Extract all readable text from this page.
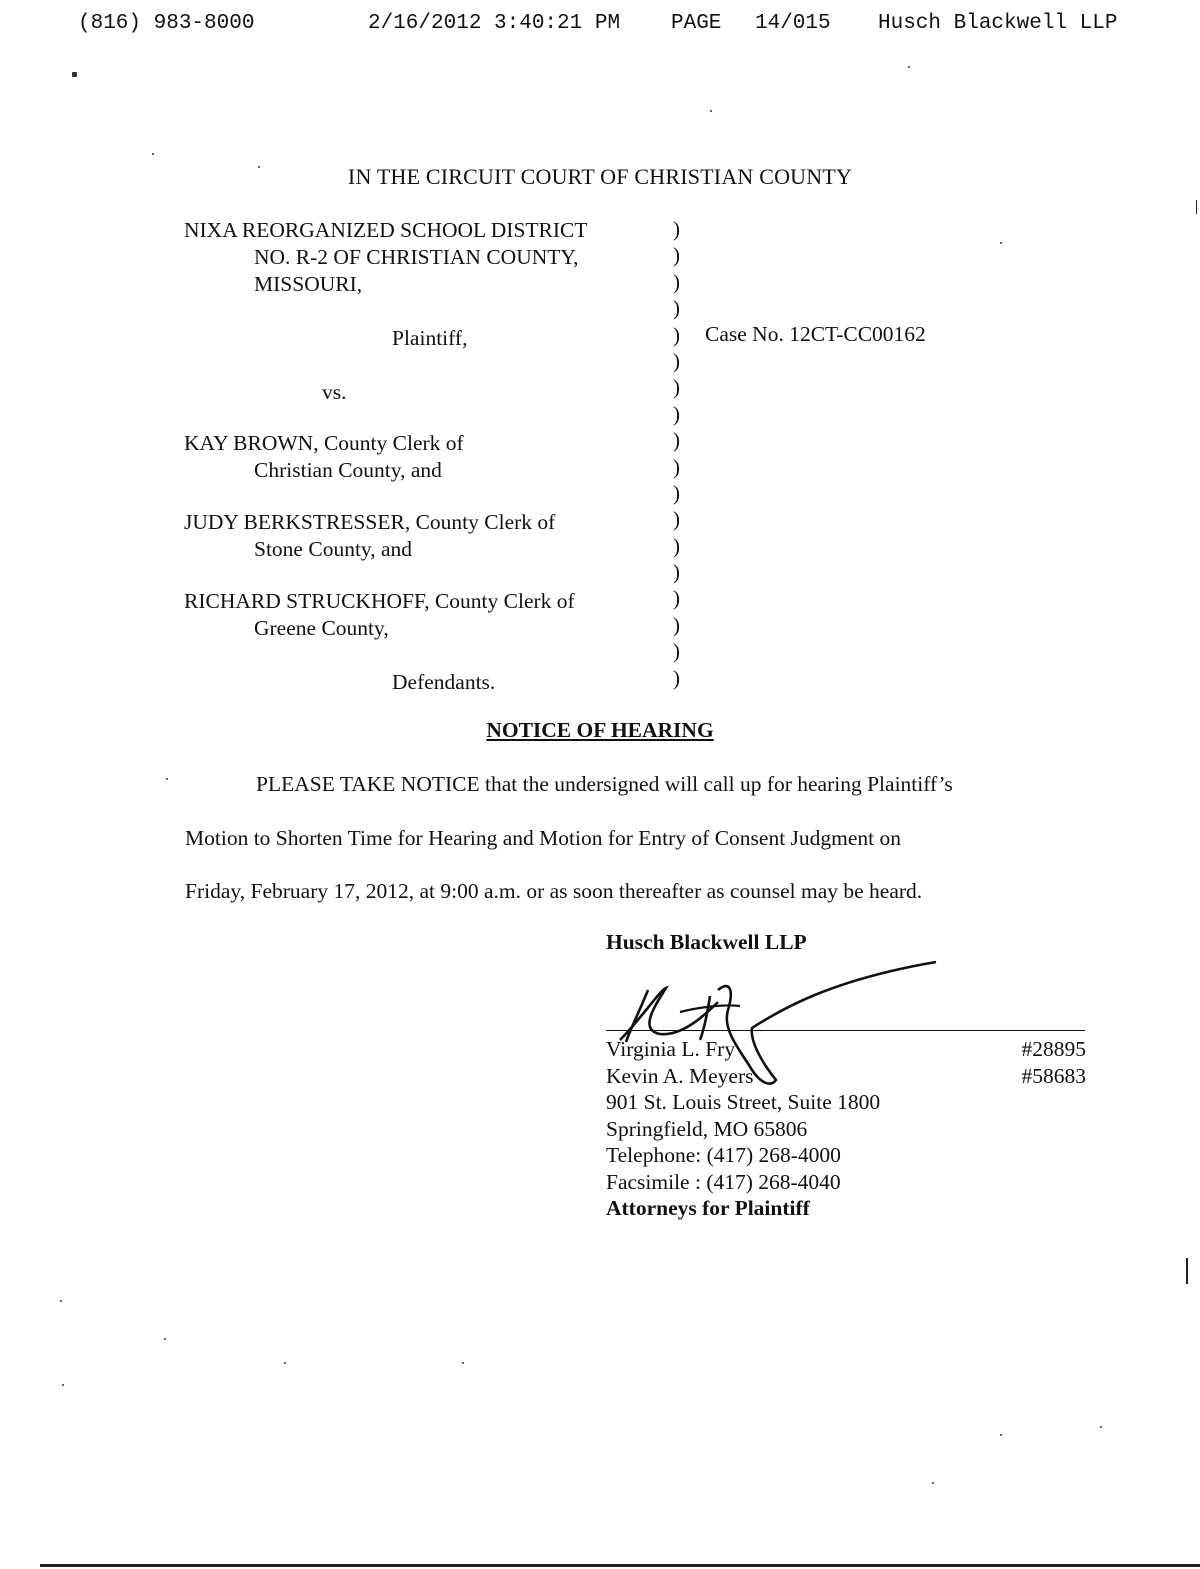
(816) 983-8000	2/16/2012 3:40:21 PM PAGE 14/015 Husch Blackwell LLP
IN THE CIRCUIT COURT OF CHRISTIAN COUNTY
NIXA REORGANIZED SCHOOL DISTRICT
NO. R-2 OF CHRISTIAN COUNTY,
MISSOURI,
Plaintiff,
vs.
KAY BROWN, County Clerk of
Christian County, and
JUDY BERKSTRESSER, County Clerk of
Stone County, and
RICHARD STRUCKHOFF, County Clerk of
Greene County,
Defendants.
)
)
)
)
)
)
)
)
)
)
)
)
)
)
)
)
)
)
Case No. 12CT-CC00162
NOTICE OF HEARING
PLEASE TAKE NOTICE that the undersigned will call up for hearing Plaintiff’s
Motion to Shorten Time for Hearing and Motion for Entry of Consent Judgment on
Friday, February 17, 2012, at 9:00 a.m. or as soon thereafter as counsel may be heard.
Husch Blackwell LLP
Virginia L. Fry	#28895
Kevin A. Meyers	#58683
901 St. Louis Street, Suite 1800
Springfield, MO 65806
Telephone: (417) 268-4000
Facsimile : (417) 268-4040
Attorneys for Plaintiff
